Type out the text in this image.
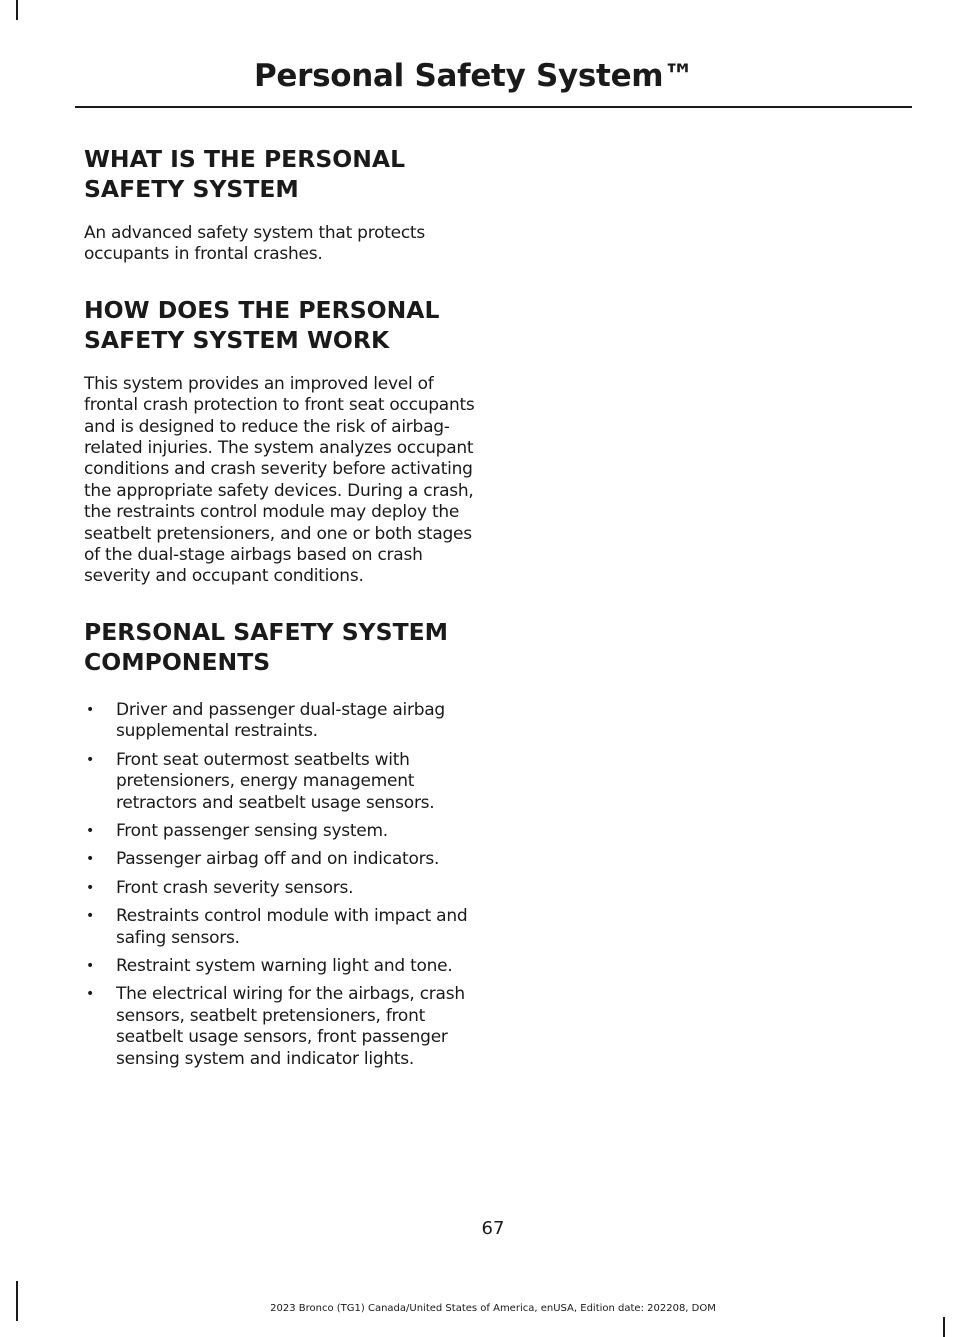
Personal Safety System™
WHAT IS THE PERSONAL
SAFETY SYSTEM

An advanced safety system that protects occupants in frontal crashes.

HOW DOES THE PERSONAL
SAFETY SYSTEM WORK

This system provides an improved level of frontal crash protection to front seat occupants and is designed to reduce the risk of airbag-related injuries. The system analyzes occupant conditions and crash severity before activating the appropriate safety devices. During a crash, the restraints control module may deploy the seatbelt pretensioners, and one or both stages of the dual-stage airbags based on crash severity and occupant conditions.

PERSONAL SAFETY SYSTEM
COMPONENTS
• Driver and passenger dual-stage airbag supplemental restraints.
• Front seat outermost seatbelts with pretensioners, energy management retractors and seatbelt usage sensors.
• Front passenger sensing system.
• Passenger airbag off and on indicators.
• Front crash severity sensors.
• Restraints control module with impact and safing sensors.
• Restraint system warning light and tone.
• The electrical wiring for the airbags, crash sensors, seatbelt pretensioners, front seatbelt usage sensors, front passenger sensing system and indicator lights.
67
2023 Bronco (TG1) Canada/United States of America, enUSA, Edition date: 202208, DOM
